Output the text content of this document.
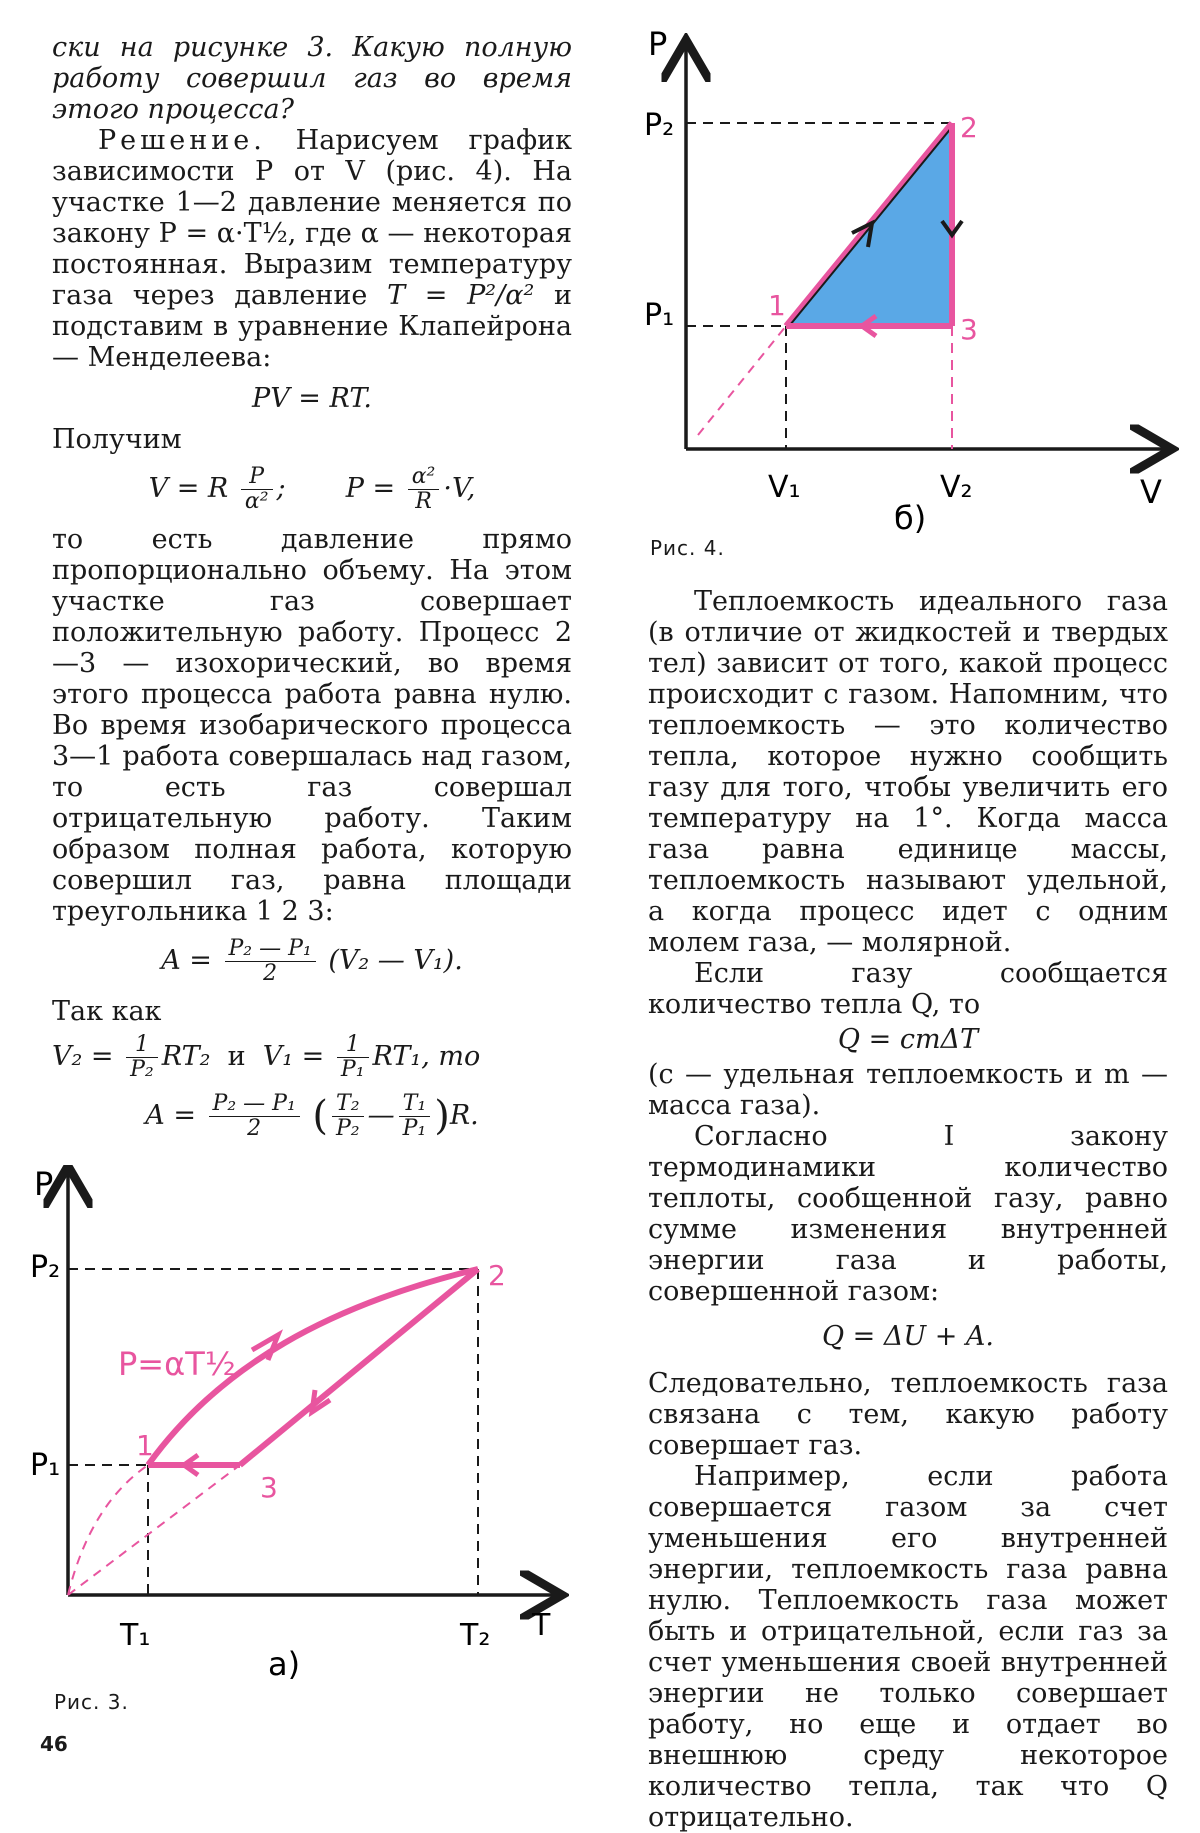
ски на рисунке 3. Какую полную работу совершил газ во время этого процесса?

Решение. Нарисуем график зависимости P от V (рис. 4). На участке 1—2 давление меняется по закону P = α·T½, где α — некоторая постоянная. Выразим температуру газа через давление T = P²/α² и подставим в уравнение Клапейрона — Менделеева:

PV = RT.

Получим

V = R $\frac{P}{\text{α²}}$ ;       $P = \frac{\text{α²}}{R} \cdot V$,

то есть давление прямо пропорционально объему. На этом участке газ совершает положительную работу. Процесс 2—3 — изохорический, во время этого процесса работа равна нулю. Во время изобарического процесса 3—1 работа совершалась над газом, то есть газ совершал отрицательную работу. Таким образом полная работа, которую совершил газ, равна площади треугольника 1 2 3:

$A = \frac{\text{P₂ — P₁}}{2} (V_2$ — V₁).

Так как

$V_2 = \frac{1}{\text{P₂}} RT_2$ и $V_1 = \frac{1}{\text{P₁}} RT_1$, то
$A = \frac{\text{P₂ — P₁}}{2}$ ( $\frac{\text{T₂}}{\text{P₂}}$ — $\frac{\text{T₁}}{\text{P₁}} )R$.
P
T
P₂
P₁
T₁	T₂
P=αT½
1
2
3
а)
Рис. 3.
P
V
P₂
P₁
V₁	V₂
1
2
3
б)
Рис. 4.

Теплоемкость идеального газа (в отличие от жидкостей и твердых тел) зависит от того, какой процесс происходит с газом. Напомним, что теплоемкость — это количество тепла, которое нужно сообщить газу для того, чтобы увеличить его температуру на 1°. Когда масса газа равна единице массы, теплоемкость называют удельной, а когда процесс идет с одним молем газа, — молярной.

Если газу сообщается количество тепла Q, то

Q = cmΔT

(c — удельная теплоемкость и m — масса газа).

Согласно I закону термодинамики количество теплоты, сообщенной газу, равно сумме изменения внутренней энергии газа и работы, совершенной газом:

Q = ΔU + A.

Следовательно, теплоемкость газа связана с тем, какую работу совершает газ.

Например, если работа совершается газом за счет уменьшения его внутренней энергии, теплоемкость газа равна нулю. Теплоемкость газа может быть и отрицательной, если газ за счет уменьшения своей внутренней энергии не только совершает работу, но еще и отдает во внешнюю среду некоторое количество тепла, так что Q отрицательно.

46
